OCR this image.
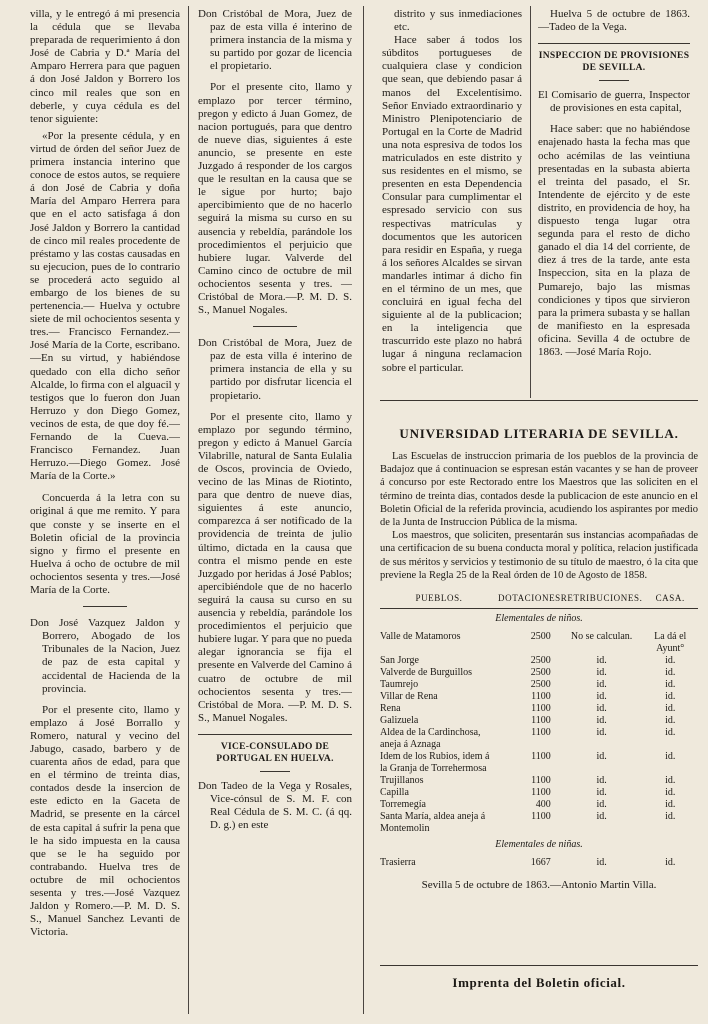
villa, y le entregó á mi presencia la cédula que se llevaba preparada de requerimiento á don José de Cabria y D.ª María del Amparo Herrera para que paguen á don José Jaldon y Borrero los cinco mil reales que son en deberle, y cuya cédula es del tenor siguiente:

«Por la presente cédula, y en virtud de órden del señor Juez de primera instancia interino que conoce de estos autos, se requiere á don José de Cabria y doña María del Amparo Herrera para que en el acto satisfaga á don José Jaldon y Borrero la cantidad de cinco mil reales procedente de préstamo y las costas causadas en su ejecucion, pues de lo contrario se procederá acto seguido al embargo de los bienes de su pertenencia.— Huelva y octubre siete de mil ochocientos sesenta y tres.— Francisco Fernandez.—José María de la Corte, escribano. —En su virtud, y habiéndose quedado con ella dicho señor Alcalde, lo firma con el alguacil y testigos que lo fueron don Juan Herruzo y don Diego Gomez, vecinos de esta, de que doy fé.—Fernando de la Cueva.—Francisco Fernandez. Juan Herruzo.—Diego Gomez. José María de la Corte.»

Concuerda á la letra con su original á que me remito. Y para que conste y se inserte en el Boletin oficial de la provincia signo y firmo el presente en Huelva á ocho de octubre de mil ochocientos sesenta y tres.—José María de la Corte.

Don José Vazquez Jaldon y Borrero, Abogado de los Tribunales de la Nacion, Juez de paz de esta capital y accidental de Hacienda de la provincia.

Por el presente cito, llamo y emplazo á José Borrallo y Romero, natural y vecino del Jabugo, casado, barbero y de cuarenta años de edad, para que en el término de treinta dias, contados desde la insercion de este edicto en la Gaceta de Madrid, se presente en la cárcel de esta capital á sufrir la pena que le ha sido impuesta en la causa que se le ha seguido por contrabando. Huelva tres de octubre de mil ochocientos sesenta y tres.—José Vazquez Jaldon y Romero.—P. M. D. S. S., Manuel Sanchez Levanti de Victoria.

Don Cristóbal de Mora, Juez de paz de esta villa é interino de primera instancia de la misma y su partido por gozar de licencia el propietario.

Por el presente cito, llamo y emplazo por tercer término, pregon y edicto á Juan Gomez, de nacion portugués, para que dentro de nueve dias, siguientes á este anuncio, se presente en este Juzgado á responder de los cargos que le resultan en la causa que se le sigue por hurto; bajo apercibimiento que de no hacerlo seguirá la misma su curso en su ausencia y rebeldía, parándole los procedimientos el perjuicio que hubiere lugar. Valverde del Camino cinco de octubre de mil ochocientos sesenta y tres. —Cristóbal de Mora.—P. M. D. S. S., Manuel Nogales.

Don Cristóbal de Mora, Juez de paz de esta villa é interino de primera instancia de ella y su partido por disfrutar licencia el propietario.

Por el presente cito, llamo y emplazo por segundo término, pregon y edicto á Manuel García Vilabrille, natural de Santa Eulalia de Oscos, provincia de Oviedo, vecino de las Minas de Riotinto, para que dentro de nueve dias, siguientes á este anuncio, comparezca á ser notificado de la providencia de treinta de julio último, dictada en la causa que contra el mismo pende en este Juzgado por heridas á José Pablos; apercibiéndole que de no hacerlo seguirá la causa su curso en su ausencia y rebeldía, parándole los procedimientos el perjuicio que hubiere lugar. Y para que no pueda alegar ignorancia se fija el presente en Valverde del Camino á cuatro de octubre de mil ochocientos sesenta y tres.—Cristóbal de Mora. —P. M. D. S. S., Manuel Nogales.

VICE-CONSULADO DE PORTUGAL EN HUELVA.

Don Tadeo de la Vega y Rosales, Vice-cónsul de S. M. F. con Real Cédula de S. M. C. (á qq. D. g.) en este

distrito y sus inmediaciones etc.

Hace saber á todos los súbditos portugueses de cualquiera clase y condicion que sean, que debiendo pasar á manos del Excelentísimo. Señor Enviado extraordinario y Ministro Plenipotenciario de Portugal en la Corte de Madrid una nota espresiva de todos los matriculados en este distrito y sus residentes en el mismo, se presenten en esta Dependencia Consular para cumplimentar el espresado servicio con sus respectivas matrículas y documentos que les autoricen para residir en España, y ruega á los señores Alcaldes se sirvan mandarles intimar á dicho fin en el término de un mes, que concluirá en igual fecha del siguiente al de la publicacion; en la inteligencia que trascurrido este plazo no habrá lugar á ninguna reclamacion sobre el particular.

Huelva 5 de octubre de 1863.—Tadeo de la Vega.

INSPECCION DE PROVISIONES DE SEVILLA.

El Comisario de guerra, Inspector de provisiones en esta capital,

Hace saber: que no habiéndose enajenado hasta la fecha mas que ocho acémilas de las veintiuna presentadas en la subasta abierta el treinta del pasado, el Sr. Intendente de ejército y de este distrito, en providencia de hoy, ha dispuesto tenga lugar otra segunda para el resto de dicho ganado el dia 14 del corriente, de diez á tres de la tarde, ante esta Inspeccion, sita en la plaza de Pumarejo, bajo las mismas condiciones y tipos que sirvieron para la primera subasta y se hallan de manifiesto en la espresada oficina. Sevilla 4 de octubre de 1863. —José María Rojo.

UNIVERSIDAD LITERARIA DE SEVILLA.

Las Escuelas de instruccion primaria de los pueblos de la provincia de Badajoz que á continuacion se espresan están vacantes y se han de proveer á concurso por este Rectorado entre los Maestros que las soliciten en el término de treinta dias, contados desde la publicacion de este anuncio en el Boletin Oficial de la referida provincia, acudiendo los aspirantes por medio de la Junta de Instruccion Pública de la misma.

Los maestros, que soliciten, presentarán sus instancias acompañadas de una certificacion de su buena conducta moral y política, relacion justificada de sus méritos y servicios y testimonio de su título de maestro, ó la cita que previene la Regla 25 de la Real órden de 10 de Agosto de 1858.

PUEBLOS.	DOTACIONES	RETRIBUCIONES.	CASA.
Elementales de niños.			
Valle de Matamoros	2500	No se calculan.	La dá el Ayunt°
San Jorge	2500	id.	id.
Valverde de Burguillos	2500	id.	id.
Taumrejo	2500	id.	id.
Villar de Rena	1100	id.	id.
Rena	1100	id.	id.
Galizuela	1100	id.	id.
Aldea de la Cardinchosa, aneja á Aznaga	1100	id.	id.
Idem de los Rubios, idem á la Granja de Torrehermosa	1100	id.	id.
Trujillanos	1100	id.	id.
Capilla	1100	id.	id.
Torremegía	400	id.	id.
Santa María, aldea aneja á Montemolin	1100	id.	id.
Elementales de niñas.			
Trasierra	1667	id.	id.
Sevilla 5 de octubre de 1863.—Antonio Martin Villa.
Imprenta del Boletin oficial.
